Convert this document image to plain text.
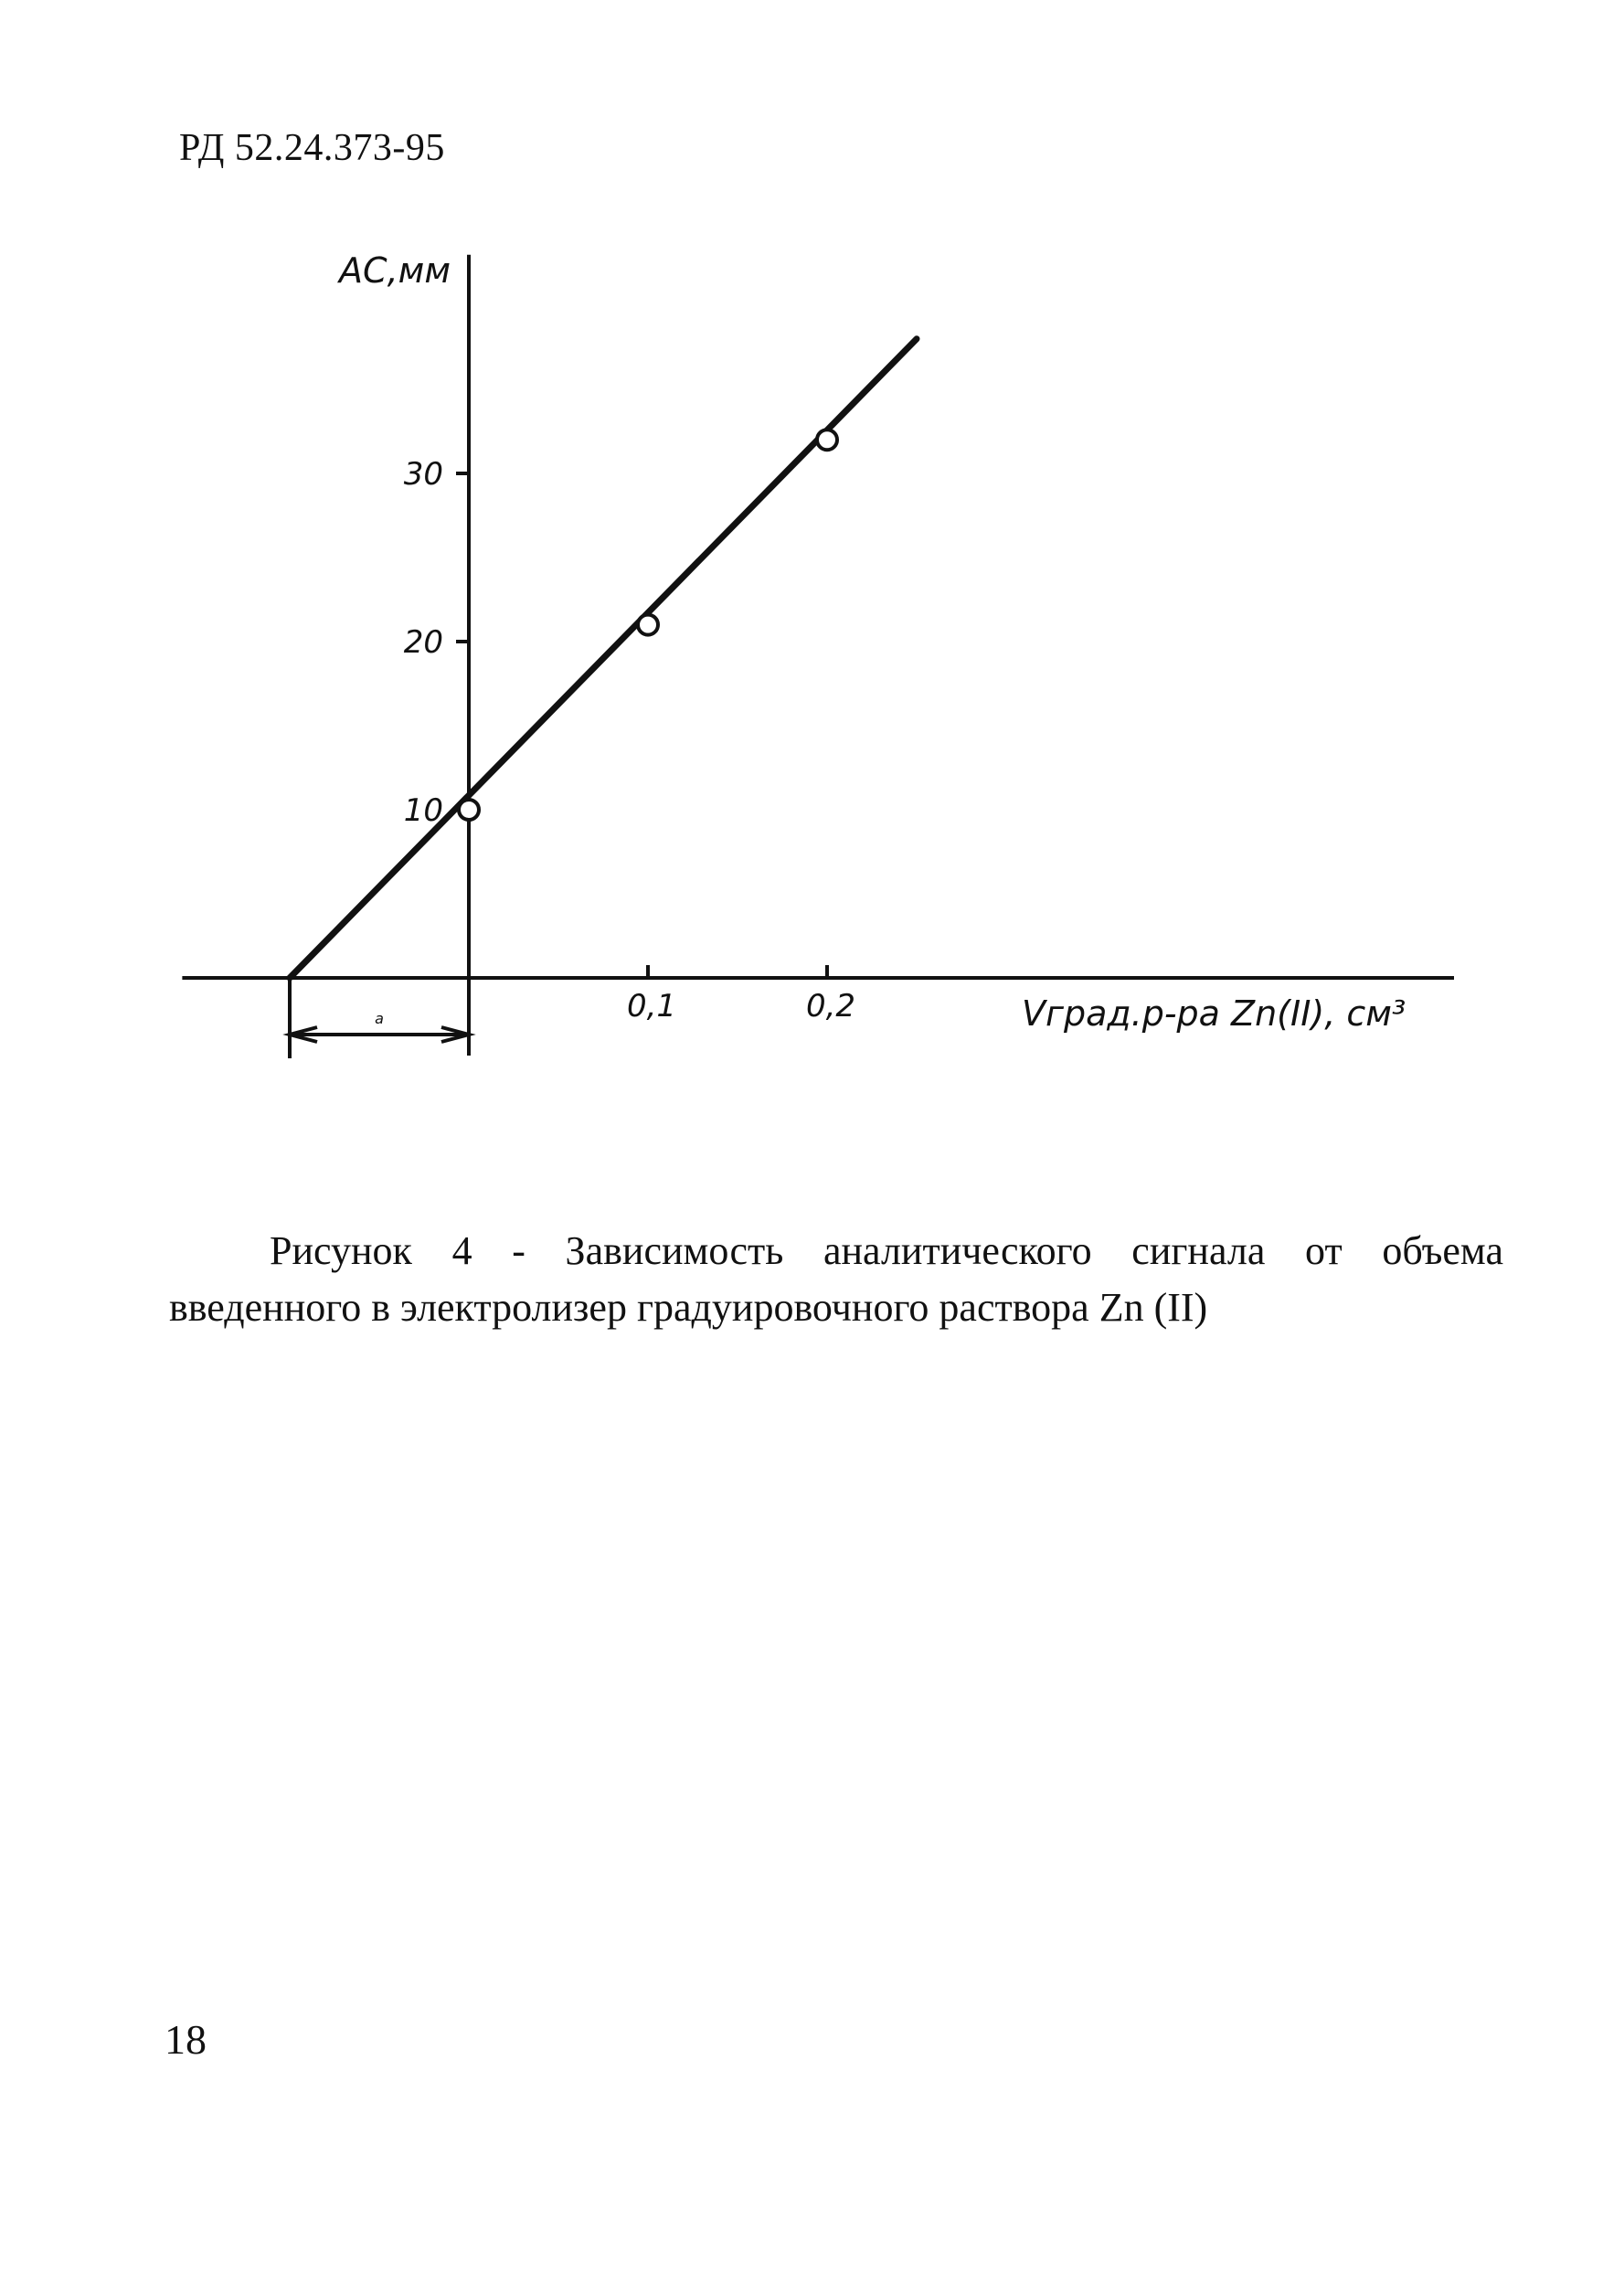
РД 52.24.373-95
10
20
30
0,1	0,2
а
АС,мм
Vград.р-ра Zn(II), см³
Рисунок 4 - Зависимость аналитического сигнала от объема
введенного в электролизер градуировочного раствора Zn (II)
18
